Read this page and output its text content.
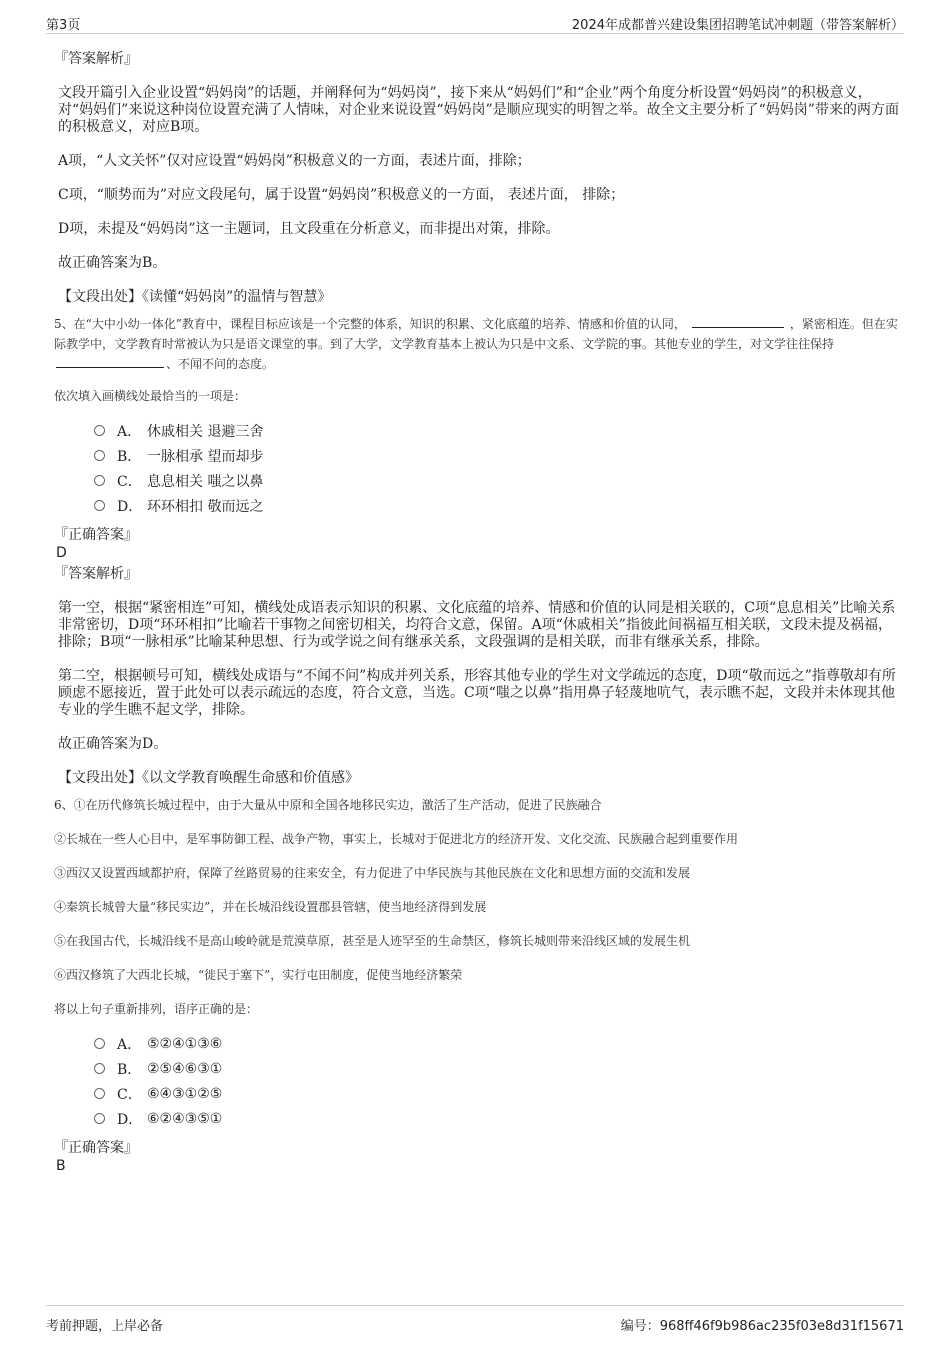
第3页	2024年成都普兴建设集团招聘笔试冲刺题（带答案解析）

『答案解析』

文段开篇引入企业设置“妈妈岗”的话题，并阐释何为“妈妈岗”，接下来从“妈妈们”和“企业”两个角度分析设置“妈妈岗”的积极意义，对“妈妈们”来说这种岗位设置充满了人情味，对企业来说设置“妈妈岗”是顺应现实的明智之举。故全文主要分析了“妈妈岗”带来的两方面的积极意义，对应B项。

A项，“人文关怀”仅对应设置“妈妈岗”积极意义的一方面，表述片面，排除；

C项，“顺势而为”对应文段尾句，属于设置“妈妈岗”积极意义的一方面， 表述片面， 排除；

D项，未提及“妈妈岗”这一主题词，且文段重在分析意义，而非提出对策，排除。

故正确答案为B。

【文段出处】《读懂“妈妈岗”的温情与智慧》

5、在“大中小幼一体化”教育中，课程目标应该是一个完整的体系，知识的积累、文化底蕴的培养、情感和价值的认同，	，紧密相连。但在实际教学中，文学教育时常被认为只是语文课堂的事。到了大学，文学教育基本上被认为只是中文系、文学院的事。其他专业的学生，对文学往往保持、不闻不问的态度。

依次填入画横线处最恰当的一项是：

A． 休戚相关 退避三舍
B． 一脉相承 望而却步
C． 息息相关 嗤之以鼻
D． 环环相扣 敬而远之

『正确答案』

D

『答案解析』

第一空，根据“紧密相连”可知，横线处成语表示知识的积累、文化底蕴的培养、情感和价值的认同是相关联的，C项“息息相关”比喻关系非常密切，D项“环环相扣”比喻若干事物之间密切相关，均符合文意，保留。A项“休戚相关”指彼此间祸福互相关联，文段未提及祸福，排除；B项“一脉相承”比喻某种思想、行为或学说之间有继承关系，文段强调的是相关联，而非有继承关系，排除。

第二空，根据顿号可知，横线处成语与“不闻不问”构成并列关系，形容其他专业的学生对文学疏远的态度，D项“敬而远之”指尊敬却有所顾虑不愿接近，置于此处可以表示疏远的态度，符合文意，当选。C项“嗤之以鼻”指用鼻子轻蔑地吭气，表示瞧不起，文段并未体现其他专业的学生瞧不起文学，排除。

故正确答案为D。

【文段出处】《以文学教育唤醒生命感和价值感》

6、①在历代修筑长城过程中，由于大量从中原和全国各地移民实边，激活了生产活动，促进了民族融合

②长城在一些人心目中，是军事防御工程、战争产物，事实上，长城对于促进北方的经济开发、文化交流、民族融合起到重要作用

③西汉又设置西域都护府，保障了丝路贸易的往来安全，有力促进了中华民族与其他民族在文化和思想方面的交流和发展

④秦筑长城曾大量“移民实边”，并在长城沿线设置郡县管辖，使当地经济得到发展

⑤在我国古代，长城沿线不是高山峻岭就是荒漠草原，甚至是人迹罕至的生命禁区，修筑长城则带来沿线区域的发展生机

⑥西汉修筑了大西北长城，“徙民于塞下”，实行屯田制度，促使当地经济繁荣

将以上句子重新排列，语序正确的是：

A． ⑤②④①③⑥
B． ②⑤④⑥③①
C． ⑥④③①②⑤
D． ⑥②④③⑤①

『正确答案』

B

考前押题，上岸必备	编号：968ff46f9b986ac235f03e8d31f15671
